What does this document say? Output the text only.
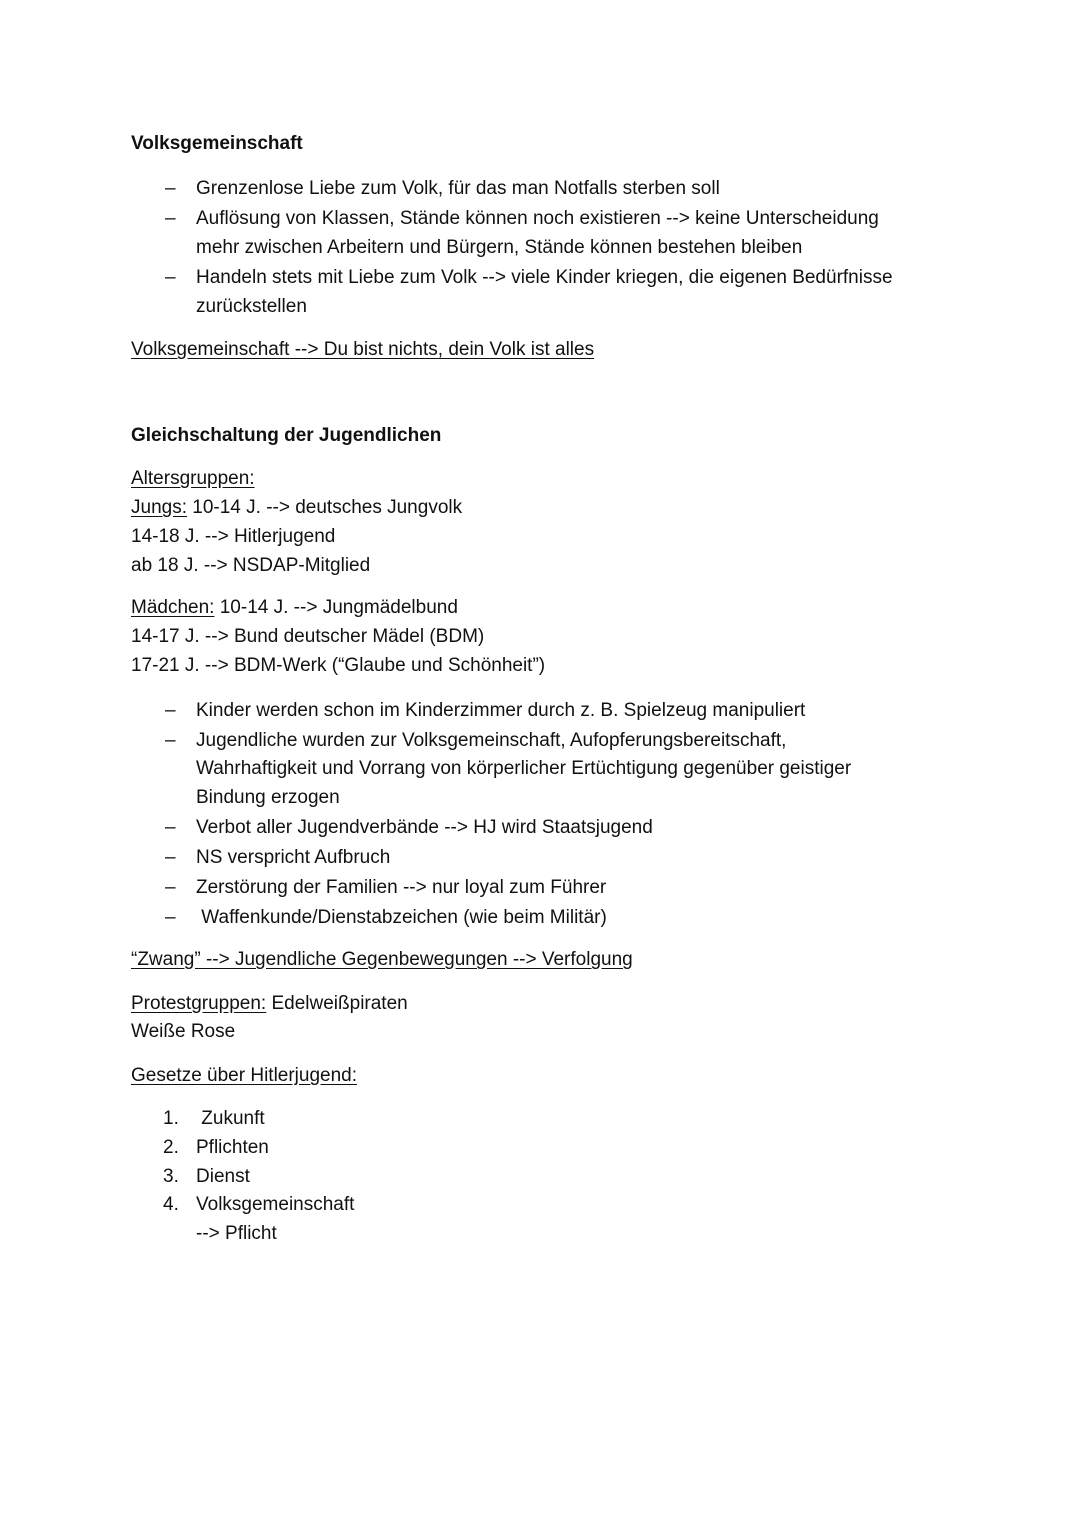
Volksgemeinschaft
– Grenzenlose Liebe zum Volk, für das man Notfalls sterben soll
– Auflösung von Klassen, Stände können noch existieren --> keine Unterscheidung
mehr zwischen Arbeitern und Bürgern, Stände können bestehen bleiben
– Handeln stets mit Liebe zum Volk --> viele Kinder kriegen, die eigenen Bedürfnisse
zurückstellen
Volksgemeinschaft --> Du bist nichts, dein Volk ist alles
Gleichschaltung der Jugendlichen
Altersgruppen:
Jungs: 10-14 J. --> deutsches Jungvolk
14-18 J. --> Hitlerjugend
ab 18 J. --> NSDAP-Mitglied
Mädchen: 10-14 J. --> Jungmädelbund
14-17 J. --> Bund deutscher Mädel (BDM)
17-21 J. --> BDM-Werk (“Glaube und Schönheit”)
– Kinder werden schon im Kinderzimmer durch z. B. Spielzeug manipuliert
– Jugendliche wurden zur Volksgemeinschaft, Aufopferungsbereitschaft,
Wahrhaftigkeit und Vorrang von körperlicher Ertüchtigung gegenüber geistiger
Bindung erzogen
– Verbot aller Jugendverbände --> HJ wird Staatsjugend
– NS verspricht Aufbruch
– Zerstörung der Familien --> nur loyal zum Führer
– Waffenkunde/Dienstabzeichen (wie beim Militär)
“Zwang” --> Jugendliche Gegenbewegungen --> Verfolgung
Protestgruppen: Edelweißpiraten
Weiße Rose
Gesetze über Hitlerjugend:
1. Zukunft
2. Pflichten
3. Dienst
4. Volksgemeinschaft
--> Pflicht
